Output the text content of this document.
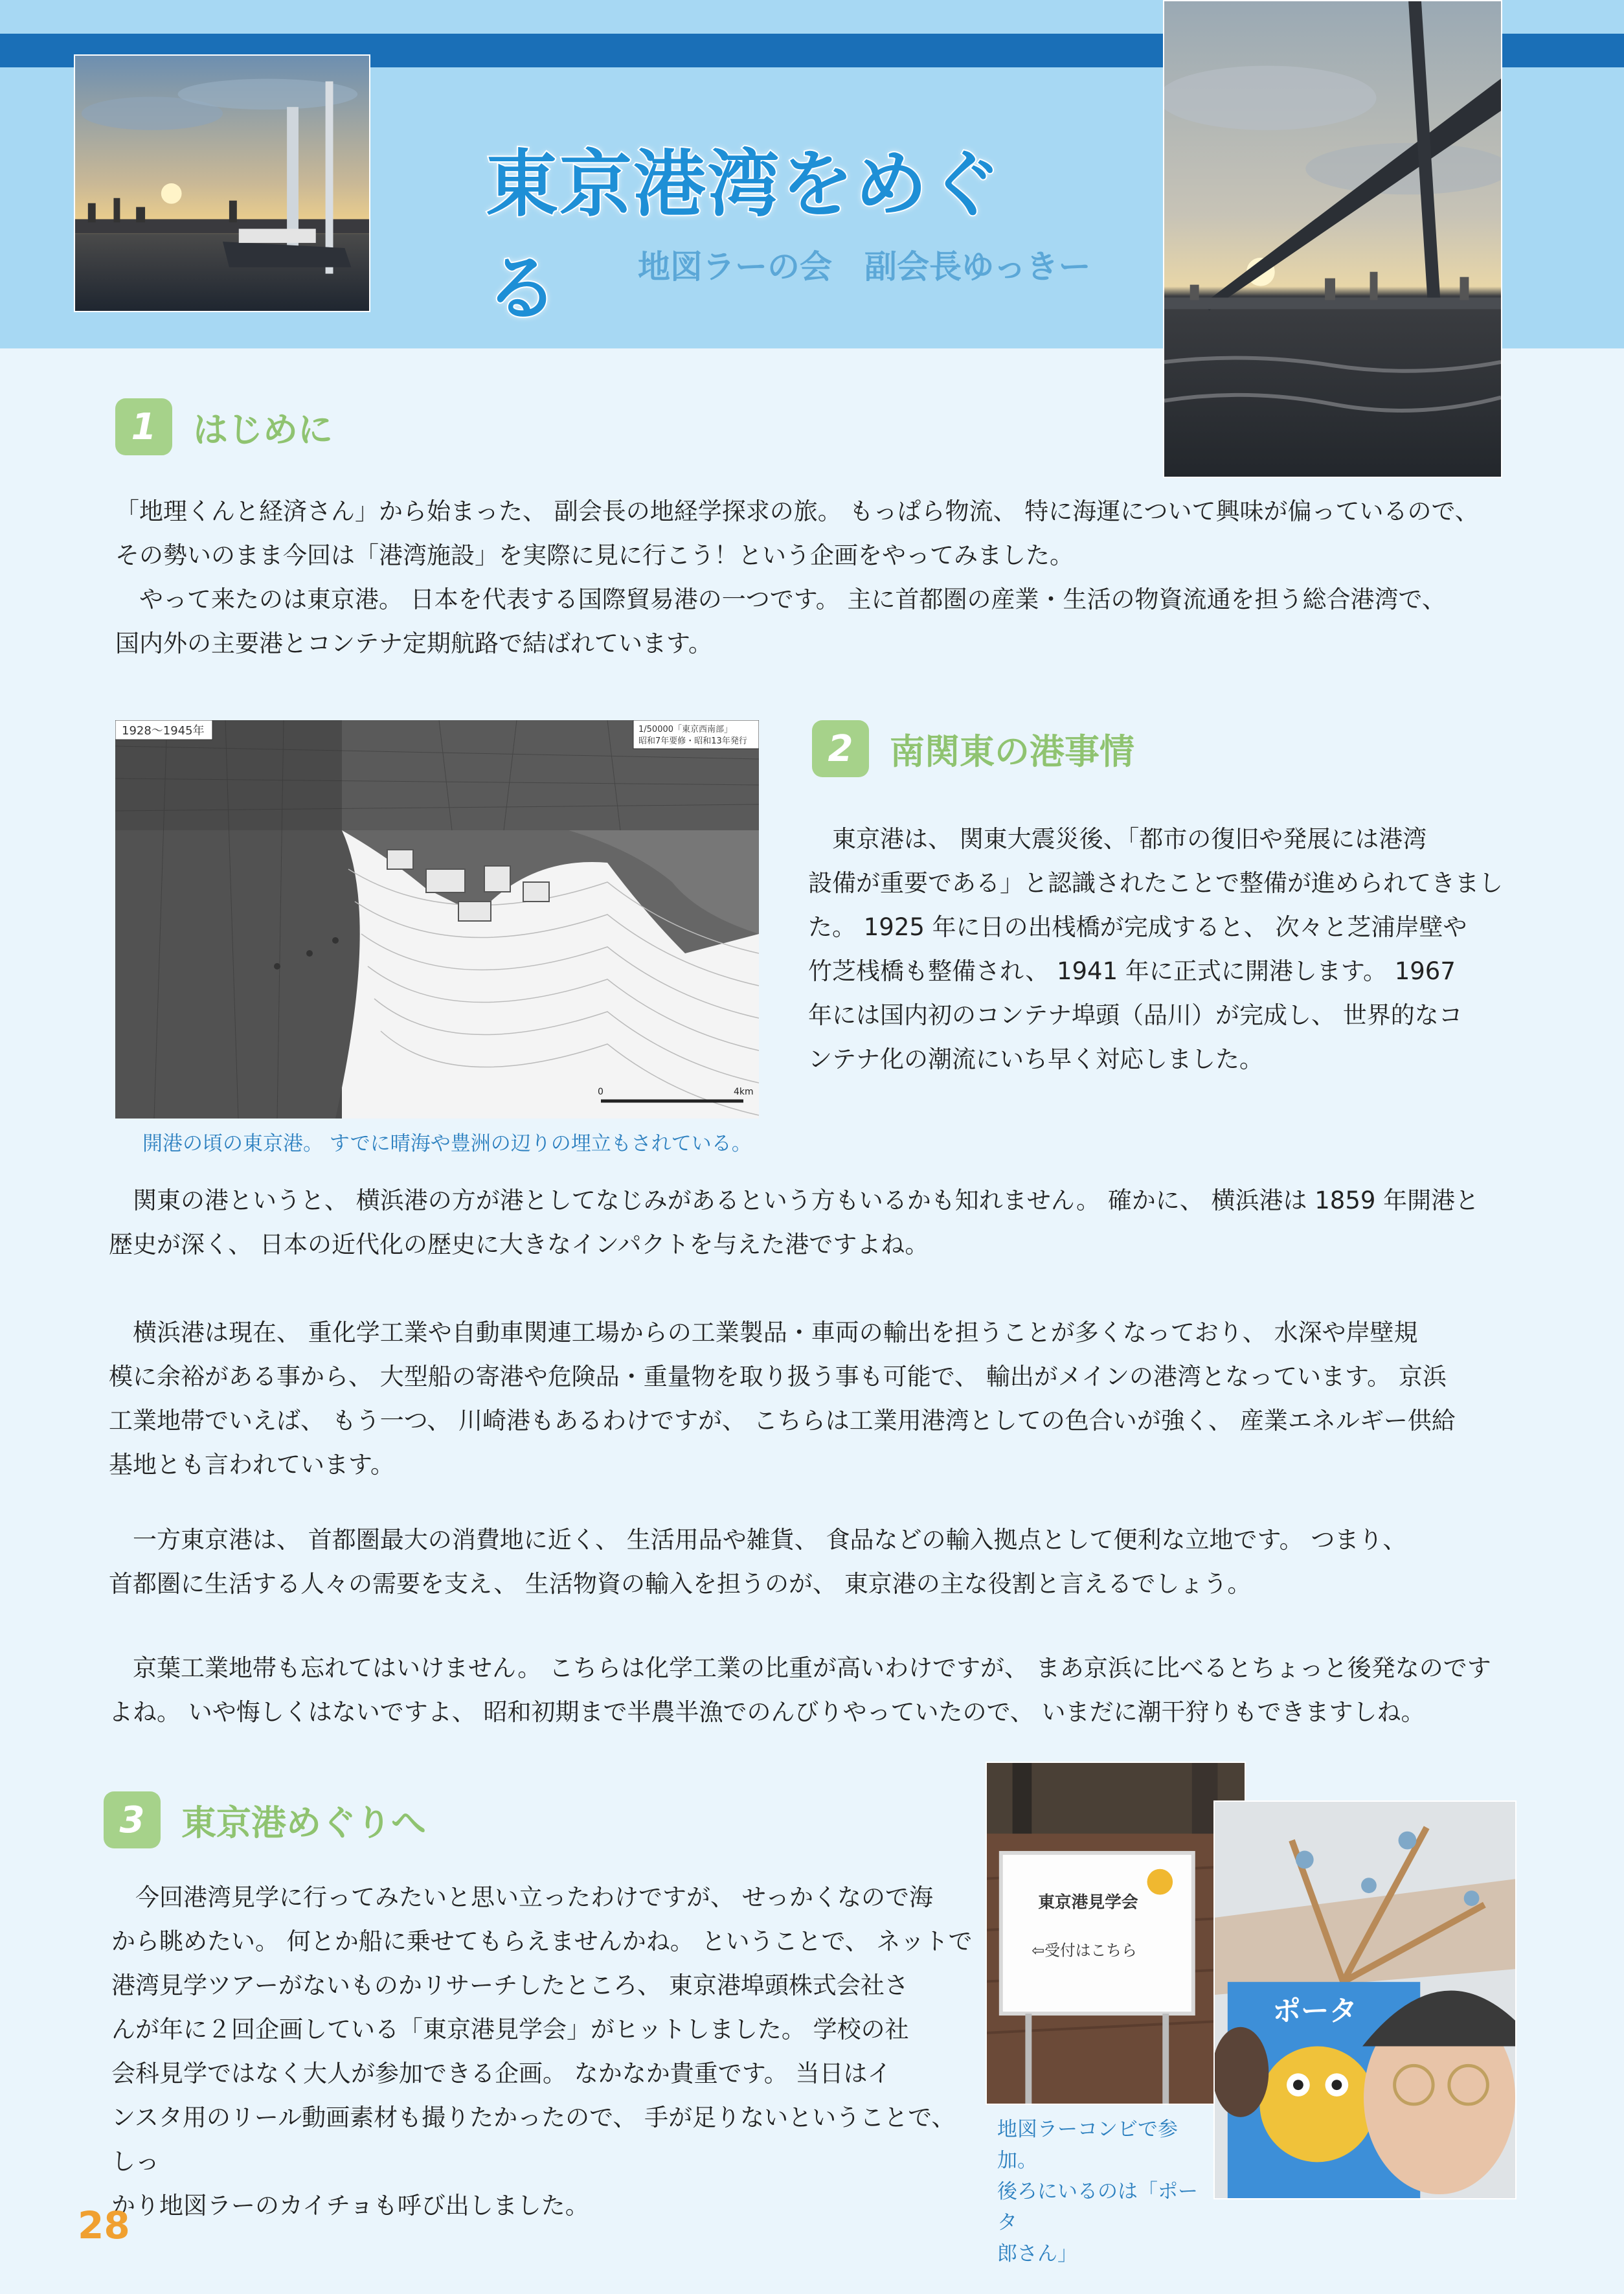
東京港湾をめぐる	地図ラーの会　副会長ゆっきー
1	はじめに

「地理くんと経済さん」から始まった、 副会長の地経学探求の旅。 もっぱら物流、 特に海運について興味が偏っているので、

その勢いのまま今回は「港湾施設」を実際に見に行こう！という企画をやってみました。

　やって来たのは東京港。 日本を代表する国際貿易港の一つです。 主に首都圏の産業・生活の物資流通を担う総合港湾で、

国内外の主要港とコンテナ定期航路で結ばれています。

1928～1945年	1/50000「東京西南部」
昭和7年要修・昭和13年発行
0	4km
開港の頃の東京港。 すでに晴海や豊洲の辺りの埋立もされている。
2	南関東の港事情

　東京港は、 関東大震災後、「都市の復旧や発展には港湾

設備が重要である」と認識されたことで整備が進められてきまし

た。 1925 年に日の出桟橋が完成すると、 次々と芝浦岸壁や

竹芝桟橋も整備され、 1941 年に正式に開港します。 1967

年には国内初のコンテナ埠頭（品川）が完成し、 世界的なコ

ンテナ化の潮流にいち早く対応しました。

　関東の港というと、 横浜港の方が港としてなじみがあるという方もいるかも知れません。 確かに、 横浜港は 1859 年開港と

歴史が深く、 日本の近代化の歴史に大きなインパクトを与えた港ですよね。

　横浜港は現在、 重化学工業や自動車関連工場からの工業製品・車両の輸出を担うことが多くなっており、 水深や岸壁規

模に余裕がある事から、 大型船の寄港や危険品・重量物を取り扱う事も可能で、 輸出がメインの港湾となっています。 京浜

工業地帯でいえば、 もう一つ、 川崎港もあるわけですが、 こちらは工業用港湾としての色合いが強く、 産業エネルギー供給

基地とも言われています。

　一方東京港は、 首都圏最大の消費地に近く、 生活用品や雑貨、 食品などの輸入拠点として便利な立地です。 つまり、

首都圏に生活する人々の需要を支え、 生活物資の輸入を担うのが、 東京港の主な役割と言えるでしょう。

　京葉工業地帯も忘れてはいけません。 こちらは化学工業の比重が高いわけですが、 まあ京浜に比べるとちょっと後発なのです

よね。 いや悔しくはないですよ、 昭和初期まで半農半漁でのんびりやっていたので、 いまだに潮干狩りもできますしね。

3	東京港めぐりへ

　今回港湾見学に行ってみたいと思い立ったわけですが、 せっかくなので海

から眺めたい。 何とか船に乗せてもらえませんかね。 ということで、 ネットで

港湾見学ツアーがないものかリサーチしたところ、 東京港埠頭株式会社さ

んが年に２回企画している「東京港見学会」がヒットしました。 学校の社

会科見学ではなく大人が参加できる企画。 なかなか貴重です。 当日はイ

ンスタ用のリール動画素材も撮りたかったので、 手が足りないということで、 しっ

かり地図ラーのカイチョも呼び出しました。

東京港見学会
⇦受付はこちら
ポータ
地図ラーコンビで参加。
後ろにいるのは「ポータ
郎さん」
28
